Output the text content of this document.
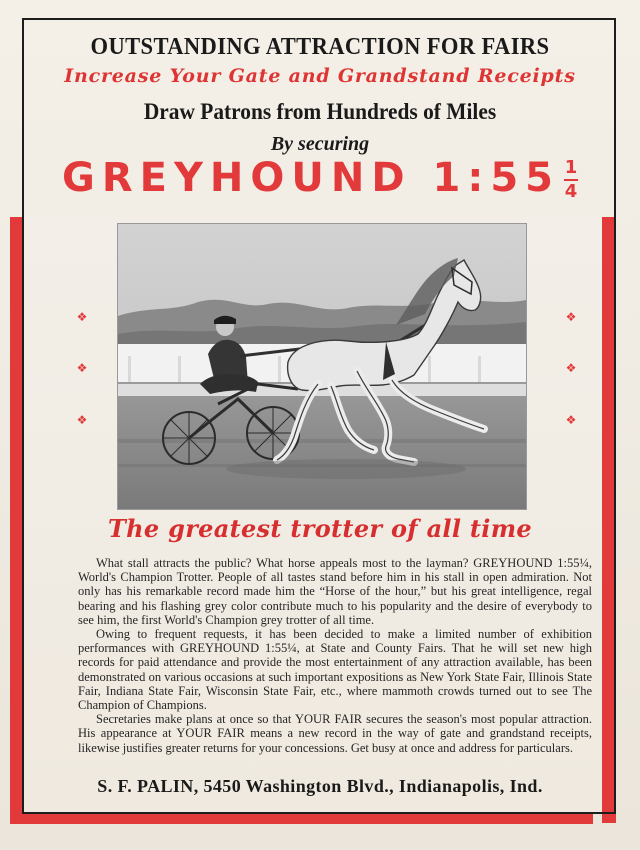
OUTSTANDING ATTRACTION FOR FAIRS
Increase Your Gate and Grandstand Receipts
Draw Patrons from Hundreds of Miles
By securing
GREYHOUND 1:55 $\frac{1}{4}$
❖
❖
❖
❖
❖
❖
The greatest trotter of all time

What stall attracts the public? What horse appeals most to the layman? GREYHOUND 1:55¼, World's Champion Trotter. People of all tastes stand before him in his stall in open admiration. Not only has his remarkable record made him the “Horse of the hour,” but his great intelligence, regal bearing and his flashing grey color contribute much to his popularity and the desire of everybody to see him, the first World's Champion grey trotter of all time.

Owing to frequent requests, it has been decided to make a limited number of exhibition performances with GREYHOUND 1:55¼, at State and County Fairs. That he will set new high records for paid attendance and provide the most entertainment of any attraction available, has been demonstrated on various occasions at such important expositions as New York State Fair, Illinois State Fair, Indiana State Fair, Wisconsin State Fair, etc., where mammoth crowds turned out to see The Champion of Champions.

Secretaries make plans at once so that YOUR FAIR secures the season's most popular attraction. His appearance at YOUR FAIR means a new record in the way of gate and grandstand receipts, likewise justifies greater returns for your concessions. Get busy at once and address for particulars.

S. F. PALIN, 5450 Washington Blvd., Indianapolis, Ind.
